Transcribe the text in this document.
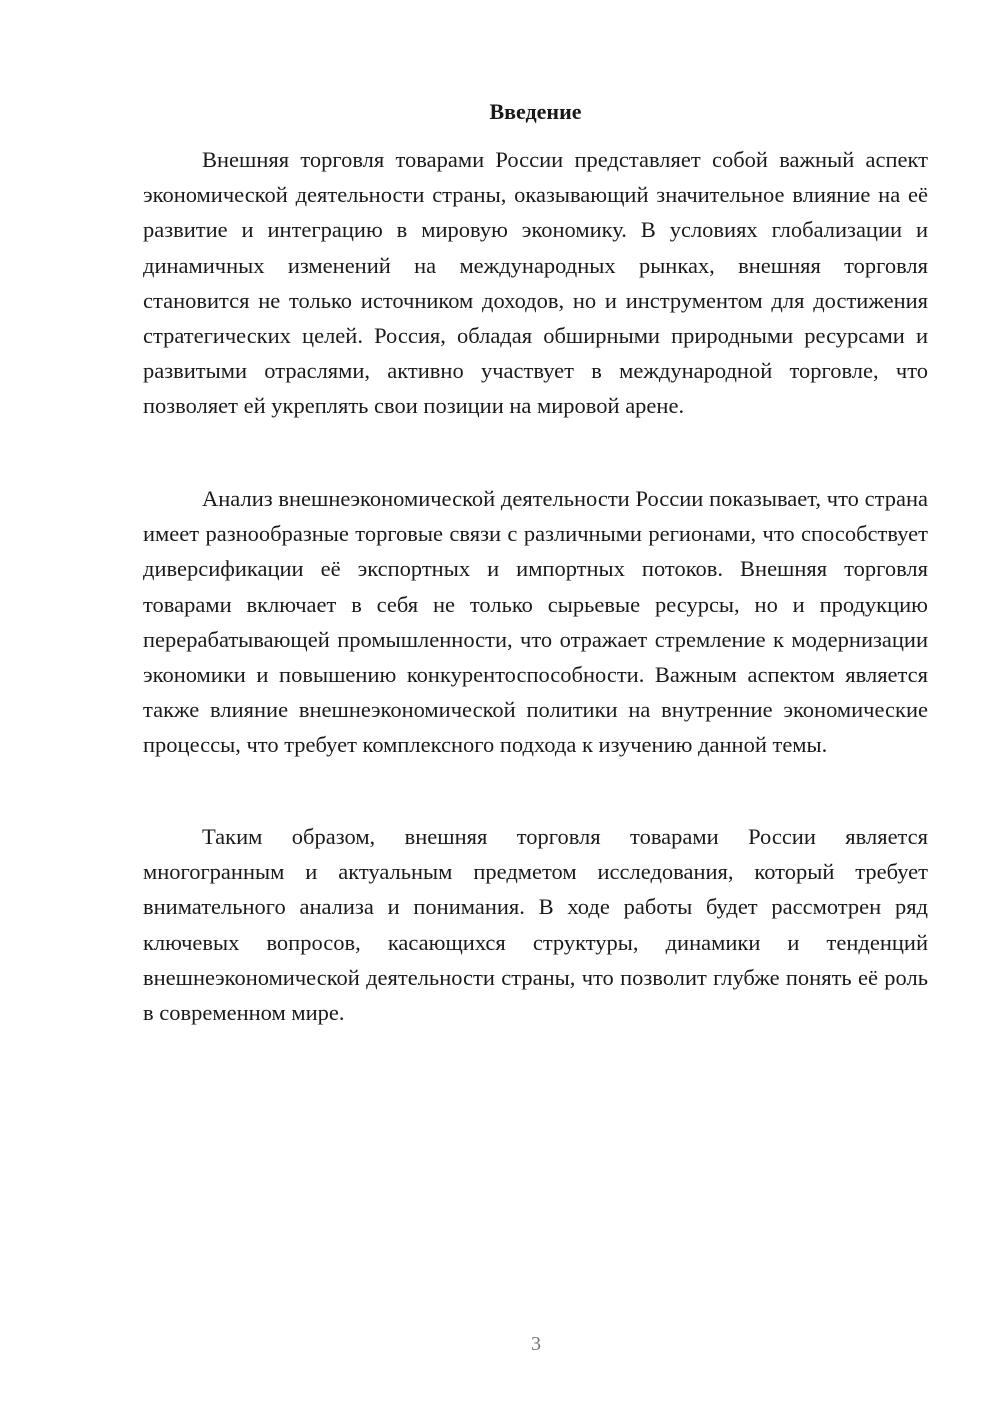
Введение

Внешняя торговля товарами России представляет собой важный аспект экономической деятельности страны, оказывающий значительное влияние на её развитие и интеграцию в мировую экономику. В условиях глобализации и динамичных изменений на международных рынках, внешняя торговля становится не только источником доходов, но и инструментом для достижения стратегических целей. Россия, обладая обширными природными ресурсами и развитыми отраслями, активно участвует в международной торговле, что позволяет ей укреплять свои позиции на мировой арене.

Анализ внешнеэкономической деятельности России показывает, что страна имеет разнообразные торговые связи с различными регионами, что способствует диверсификации её экспортных и импортных потоков. Внешняя торговля товарами включает в себя не только сырьевые ресурсы, но и продукцию перерабатывающей промышленности, что отражает стремление к модернизации экономики и повышению конкурентоспособности. Важным аспектом является также влияние внешнеэкономической политики на внутренние экономические процессы, что требует комплексного подхода к изучению данной темы.

Таким образом, внешняя торговля товарами России является многогранным и актуальным предметом исследования, который требует внимательного анализа и понимания. В ходе работы будет рассмотрен ряд ключевых вопросов, касающихся структуры, динамики и тенденций внешнеэкономической деятельности страны, что позволит глубже понять её роль в современном мире.

3
